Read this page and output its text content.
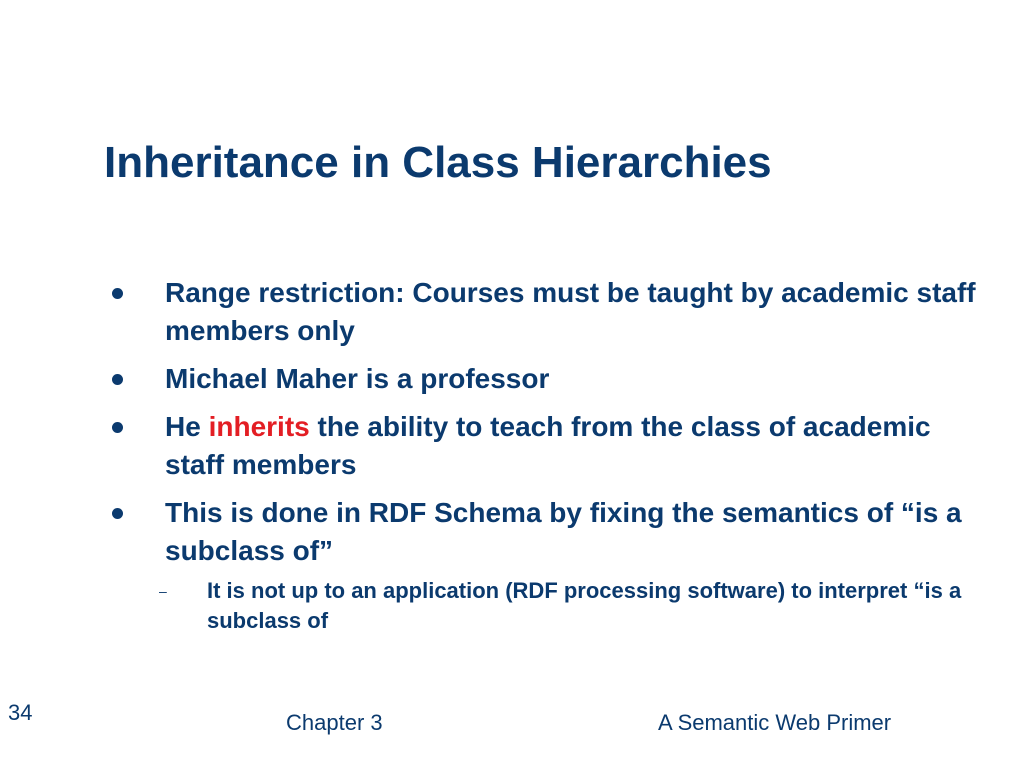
Inheritance in Class Hierarchies
Range restriction: Courses must be taught by academic staff members only
Michael Maher is a professor
He inherits the ability to teach from the class of academic staff members
This is done in RDF Schema by fixing the semantics of “is a subclass of”
– It is not up to an application (RDF processing software) to interpret “is a subclass of
34	Chapter 3	A Semantic Web Primer
